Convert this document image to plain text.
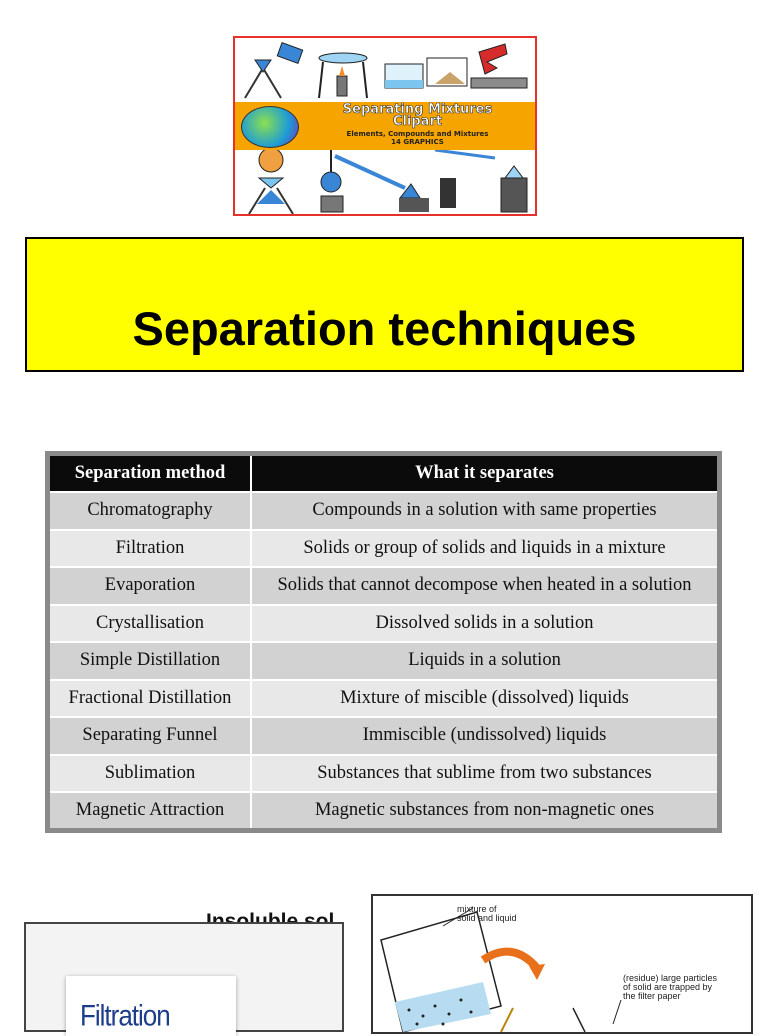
Separating Mixtures
Clipart
Elements, Compounds and Mixtures
14 GRAPHICS
Separation techniques
Separation method	What it separates
Chromatography	Compounds in a solution with same properties
Filtration	Solids or group of solids and liquids in a mixture
Evaporation	Solids that cannot decompose when heated in a solution
Crystallisation	Dissolved solids in a solution
Simple Distillation	Liquids in a solution
Fractional Distillation	Mixture of miscible (dissolved) liquids
Separating Funnel	Immiscible (undissolved) liquids
Sublimation	Substances that sublime from two substances
Magnetic Attraction	Magnetic substances from non-magnetic ones
Filtration
mixture of
solid and liquid
(residue) large particles
of solid are trapped by
the filter paper
